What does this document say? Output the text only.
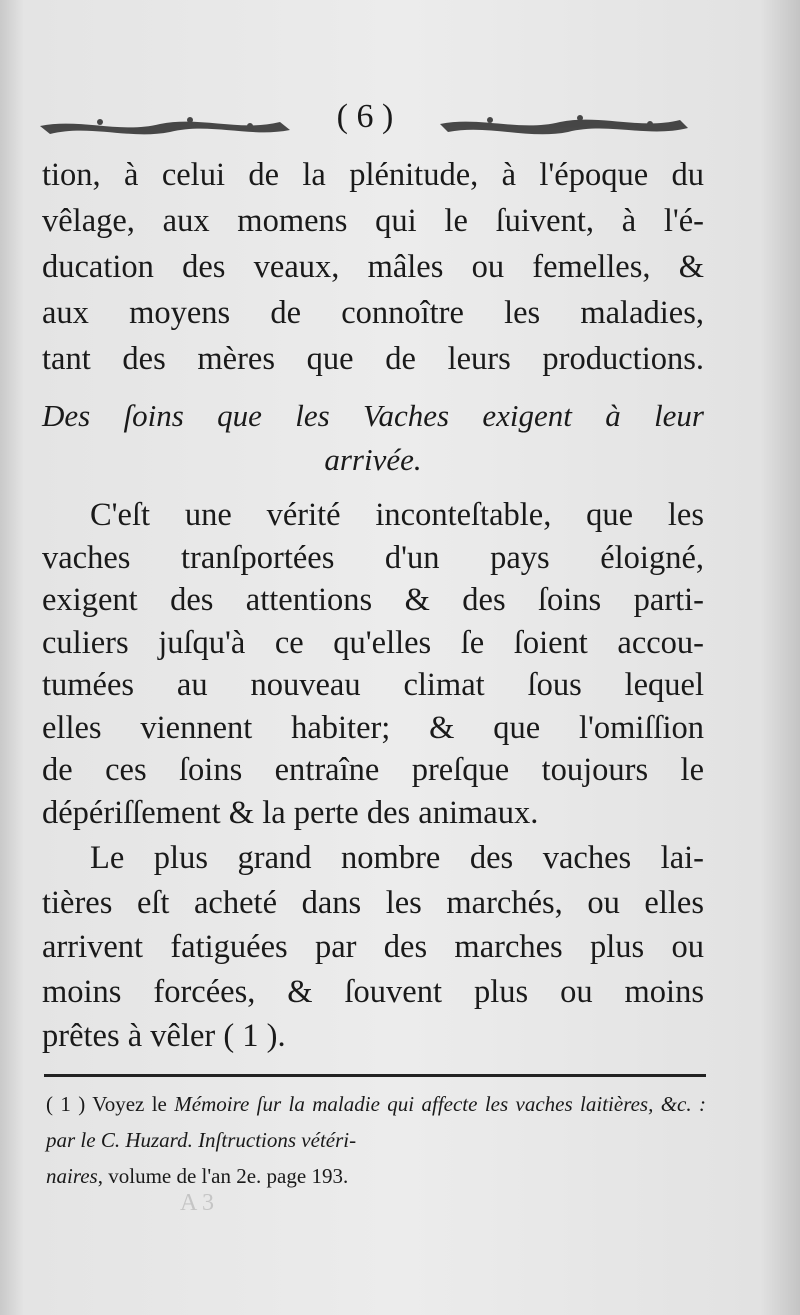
( 6 )
tion, à celui de la plénitude, à l'époque du
vêlage, aux momens qui le ſuivent, à l'é-
ducation des veaux, mâles ou femelles, &
aux moyens de connoître les maladies,
tant des mères que de leurs productions.
Des ſoins que les Vaches exigent à leur
arrivée.
C'eſt une vérité inconteſtable, que les
vaches tranſportées d'un pays éloigné,
exigent des attentions & des ſoins parti-
culiers juſqu'à ce qu'elles ſe ſoient accou-
tumées au nouveau climat ſous lequel
elles viennent habiter; & que l'omiſſion
de ces ſoins entraîne preſque toujours le
dépériſſement & la perte des animaux.
Le plus grand nombre des vaches lai-
tières eſt acheté dans les marchés, ou elles
arrivent fatiguées par des marches plus ou
moins forcées, & ſouvent plus ou moins
prêtes à vêler ( 1 ).
( 1 ) Voyez le Mémoire ſur la maladie qui affecte les vaches laitières, &c. : par le C. Huzard. Inſtructions vétéri-
naires, volume de l'an 2e. page 193.
A 3
